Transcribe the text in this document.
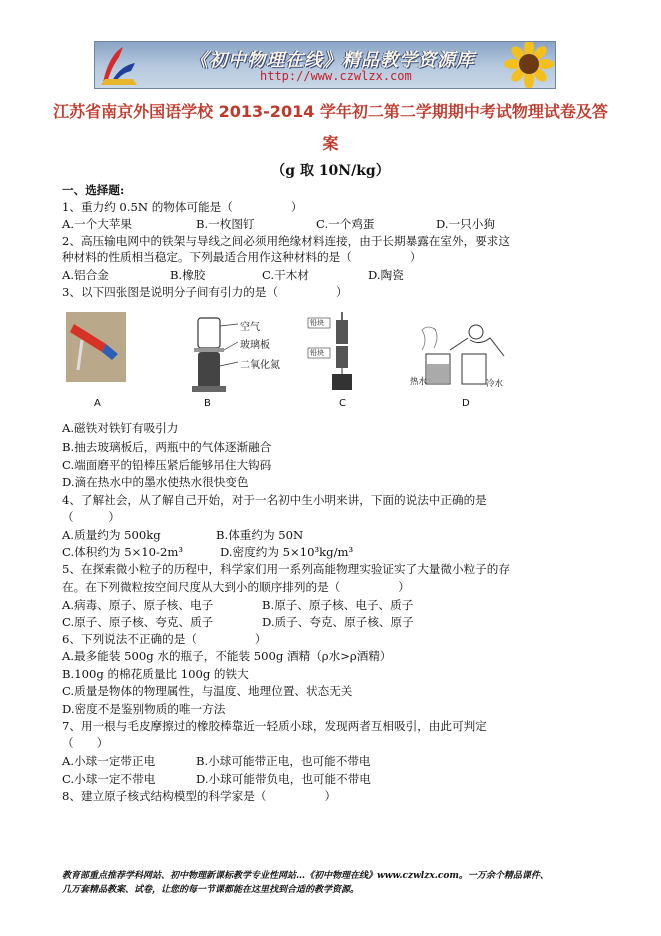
《初中物理在线》精品教学资源库
http://www.czwlzx.com
江苏省南京外国语学校 2013-2014 学年初二第二学期期中考试物理试卷及答
案
（g 取 10N/kg）
一、选择题:
1、重力约 0.5N 的物体可能是（　　　　　）
A.一个大苹果	B.一枚图钉	C.一个鸡蛋	D.一只小狗
2、高压输电网中的铁架与导线之间必须用绝缘材料连接，由于长期暴露在室外，要求这
种材料的性质相当稳定。下列最适合用作这种材料的是（　　　　　）
A.铝合金	B.橡胶	C.干木材	D.陶瓷
3、以下四张图是说明分子间有引力的是（　　　　　）
A
空气
玻璃板
二氧化氮
B
铅块
铅块
C
热水	冷水
D
A.磁铁对铁钉有吸引力
B.抽去玻璃板后，两瓶中的气体逐渐融合
C.端面磨平的铅棒压紧后能够吊住大钩码
D.滴在热水中的墨水使热水很快变色
4、了解社会，从了解自己开始，对于一名初中生小明来讲，下面的说法中正确的是
（　　　）
A.质量约为 500kg	B.体重约为 50N
C.体积约为 5×10-2m³	D.密度约为 5×10³kg/m³
5、在探索微小粒子的历程中，科学家们用一系列高能物理实验证实了大量微小粒子的存
在。在下列微粒按空间尺度从大到小的顺序排列的是（　　　　　）
A.病毒、原子、原子核、电子	B.原子、原子核、电子、质子
C.原子、原子核、夸克、质子	D.质子、夸克、原子核、原子
6、下列说法不正确的是（　　　　　）
A.最多能装 500g 水的瓶子，不能装 500g 酒精（ρ水>ρ酒精）
B.100g 的棉花质量比 100g 的铁大
C.质量是物体的物理属性，与温度、地理位置、状态无关
D.密度不是鉴别物质的唯一方法
7、用一根与毛皮摩擦过的橡胶棒靠近一轻质小球，发现两者互相吸引，由此可判定
（　　）
A.小球一定带正电	B.小球可能带正电，也可能不带电
C.小球一定不带电	D.小球可能带负电，也可能不带电
8、建立原子核式结构模型的科学家是（　　　　　）
教育部重点推荐学科网站、初中物理新课标教学专业性网站…《初中物理在线》www.czwlzx.com。一万余个精品课件、
几万套精品教案、试卷，让您的每一节课都能在这里找到合适的教学资源。
